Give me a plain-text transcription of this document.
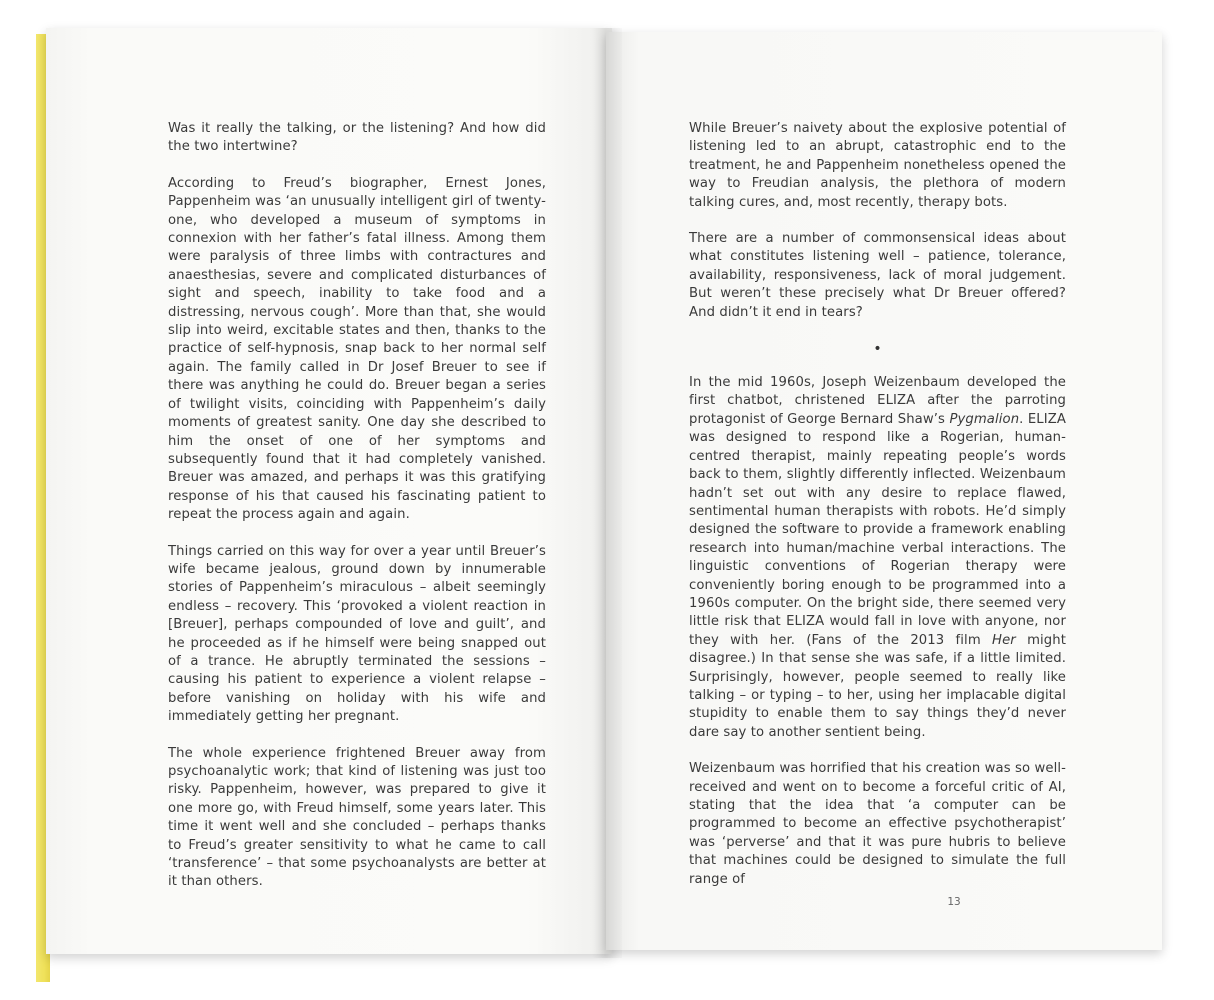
Was it really the talking, or the listening? And how did the two intertwine?

According to Freud’s biographer, Ernest Jones, Pappenheim was ‘an unusually intelligent girl of twenty-one, who developed a museum of symptoms in connexion with her father’s fatal illness. Among them were paralysis of three limbs with contractures and anaesthesias, severe and complicated disturbances of sight and speech, inability to take food and a distressing, nervous cough’. More than that, she would slip into weird, excitable states and then, thanks to the practice of self-hypnosis, snap back to her normal self again. The family called in Dr Josef Breuer to see if there was anything he could do. Breuer began a series of twilight visits, coinciding with Pappenheim’s daily moments of greatest sanity. One day she described to him the onset of one of her symptoms and subsequently found that it had completely vanished. Breuer was amazed, and perhaps it was this gratifying response of his that caused his fascinating patient to repeat the process again and again.

Things carried on this way for over a year until Breuer’s wife became jealous, ground down by innumerable stories of Pappenheim’s miraculous – albeit seemingly endless – recovery. This ‘provoked a violent reaction in [Breuer], perhaps compounded of love and guilt’, and he proceeded as if he himself were being snapped out of a trance. He abruptly terminated the sessions – causing his patient to experience a violent relapse – before vanishing on holiday with his wife and immediately getting her pregnant.

The whole experience frightened Breuer away from psychoanalytic work; that kind of listening was just too risky. Pappenheim, however, was prepared to give it one more go, with Freud himself, some years later. This time it went well and she concluded – perhaps thanks to Freud’s greater sensitivity to what he came to call ‘transference’ – that some psychoanalysts are better at it than others.

While Breuer’s naivety about the explosive potential of listening led to an abrupt, catastrophic end to the treatment, he and Pappenheim nonetheless opened the way to Freudian analysis, the plethora of modern talking cures, and, most recently, therapy bots.

There are a number of commonsensical ideas about what constitutes listening well – patience, tolerance, availability, responsiveness, lack of moral judgement. But weren’t these precisely what Dr Breuer offered? And didn’t it end in tears?

•

In the mid 1960s, Joseph Weizenbaum developed the first chatbot, christened ELIZA after the parroting protagonist of George Bernard Shaw’s Pygmalion. ELIZA was designed to respond like a Rogerian, human-centred therapist, mainly repeating people’s words back to them, slightly differently inflected. Weizenbaum hadn’t set out with any desire to replace flawed, sentimental human therapists with robots. He’d simply designed the software to provide a framework enabling research into human/machine verbal interactions. The linguistic conventions of Rogerian therapy were conveniently boring enough to be programmed into a 1960s computer. On the bright side, there seemed very little risk that ELIZA would fall in love with anyone, nor they with her. (Fans of the 2013 film Her might disagree.) In that sense she was safe, if a little limited. Surprisingly, however, people seemed to really like talking – or typing – to her, using her implacable digital stupidity to enable them to say things they’d never dare say to another sentient being.

Weizenbaum was horrified that his creation was so well-received and went on to become a forceful critic of AI, stating that the idea that ‘a computer can be programmed to become an effective psychotherapist’ was ‘perverse’ and that it was pure hubris to believe that machines could be designed to simulate the full range of

13
